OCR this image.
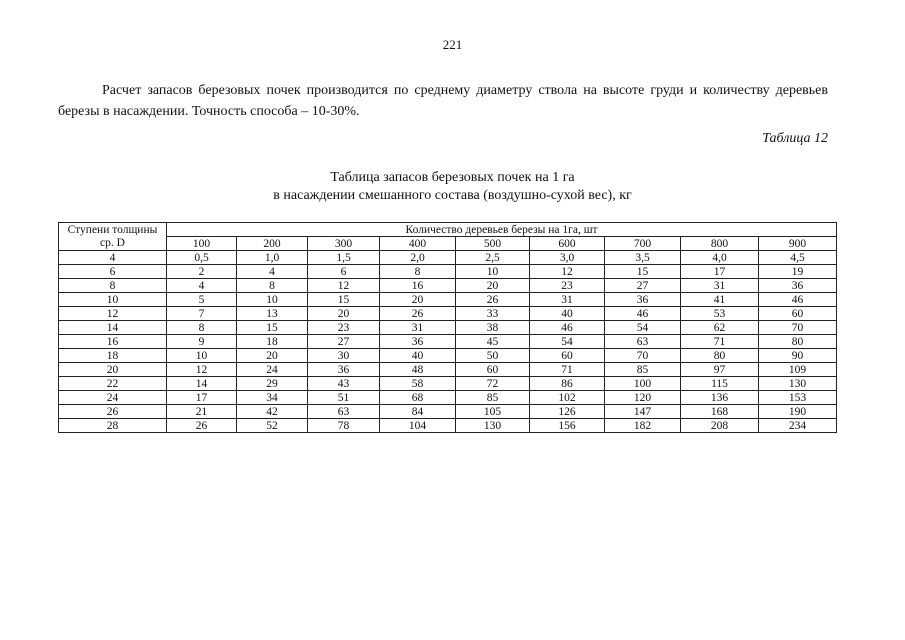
221

Расчет запасов березовых почек производится по среднему диаметру ствола на высоте груди и количеству деревьев березы в насаждении. Точность способа – 10-30%.

Таблица 12
Таблица запасов березовых почек на 1 га
в насаждении смешанного состава (воздушно-сухой вес), кг
Ступени толщины	Количество деревьев березы на 1га, шт								
ср. D	100	200	300	400	500	600	700	800	900
4	0,5	1,0	1,5	2,0	2,5	3,0	3,5	4,0	4,5
6	2	4	6	8	10	12	15	17	19
8	4	8	12	16	20	23	27	31	36
10	5	10	15	20	26	31	36	41	46
12	7	13	20	26	33	40	46	53	60
14	8	15	23	31	38	46	54	62	70
16	9	18	27	36	45	54	63	71	80
18	10	20	30	40	50	60	70	80	90
20	12	24	36	48	60	71	85	97	109
22	14	29	43	58	72	86	100	115	130
24	17	34	51	68	85	102	120	136	153
26	21	42	63	84	105	126	147	168	190
28	26	52	78	104	130	156	182	208	234
